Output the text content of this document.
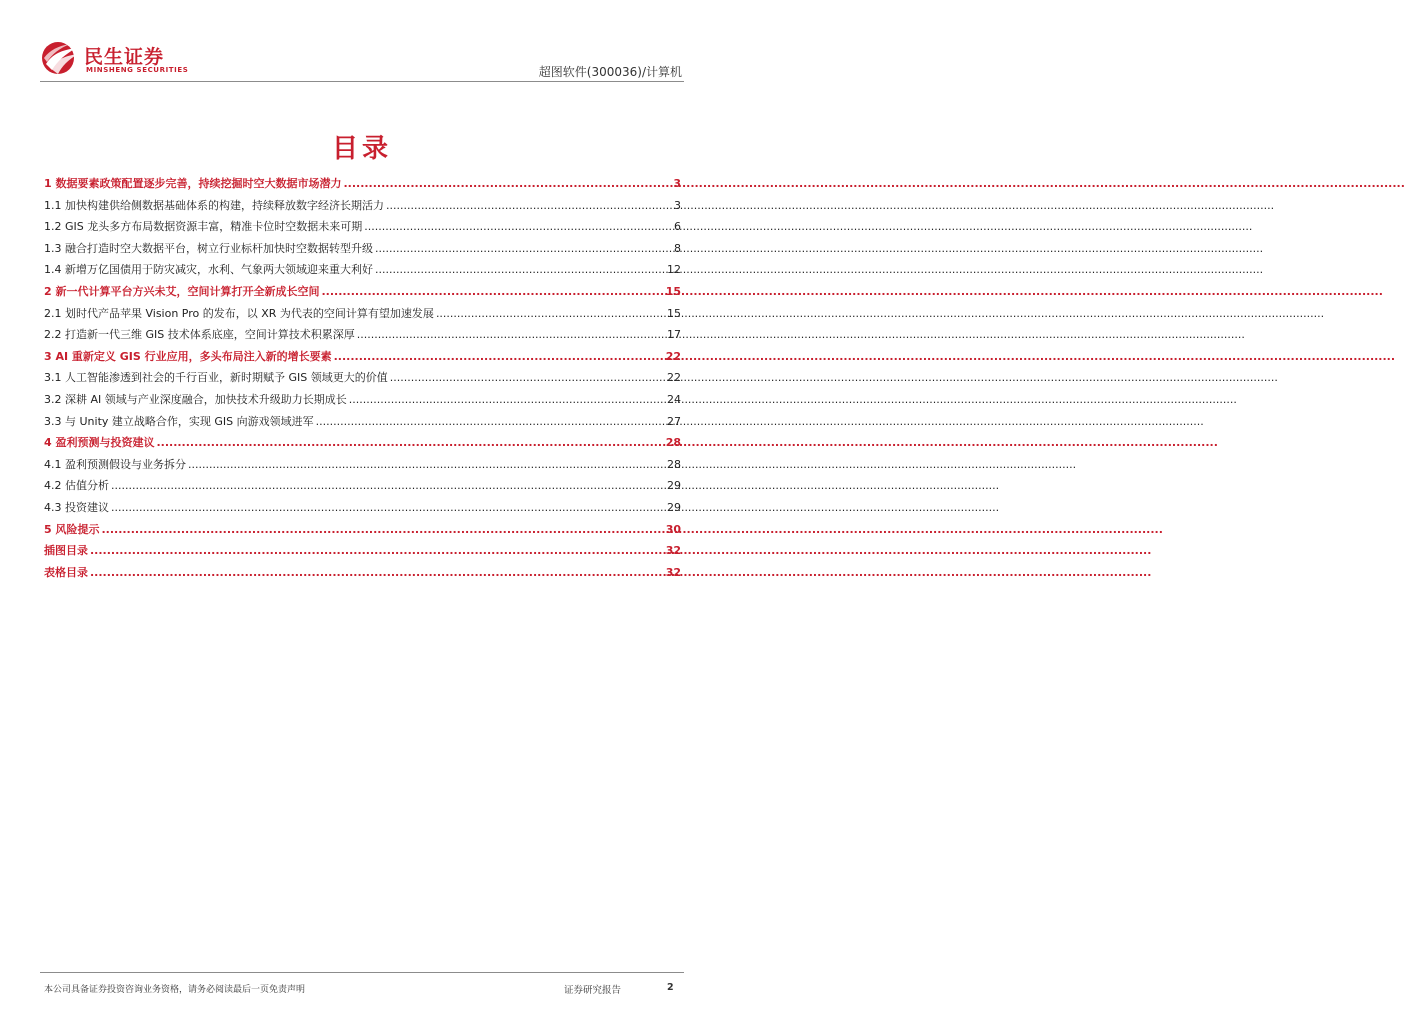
民生证券
MINSHENG SECURITIES	超图软件(300036)/计算机
目录
1 数据要素政策配置逐步完善，持续挖掘时空大数据市场潜力 .....	3
1.1 加快构建供给侧数据基础体系的构建，持续释放数字经济长期活力 .....	3
1.2 GIS 龙头多方布局数据资源丰富，精准卡位时空数据未来可期 .....	6
1.3 融合打造时空大数据平台，树立行业标杆加快时空数据转型升级 .....	8
1.4 新增万亿国债用于防灾减灾，水利、气象两大领域迎来重大利好 .....	12
2 新一代计算平台方兴未艾，空间计算打开全新成长空间 .....	15
2.1 划时代产品苹果 Vision Pro 的发布，以 XR 为代表的空间计算有望加速发展 .....	15
2.2 打造新一代三维 GIS 技术体系底座，空间计算技术积累深厚 .....	17
3 AI 重新定义 GIS 行业应用，多头布局注入新的增长要素 .....	22
3.1 人工智能渗透到社会的千行百业，新时期赋予 GIS 领域更大的价值 .....	22
3.2 深耕 AI 领域与产业深度融合，加快技术升级助力长期成长 .....	24
3.3 与 Unity 建立战略合作，实现 GIS 向游戏领域进军 .....	27
4 盈利预测与投资建议 .....	28
4.1 盈利预测假设与业务拆分 .....	28
4.2 估值分析 .....	29
4.3 投资建议 .....	29
5 风险提示 .....	30
插图目录 .....	32
表格目录 .....	32
本公司具备证券投资咨询业务资格，请务必阅读最后一页免责声明	证券研究报告	2
